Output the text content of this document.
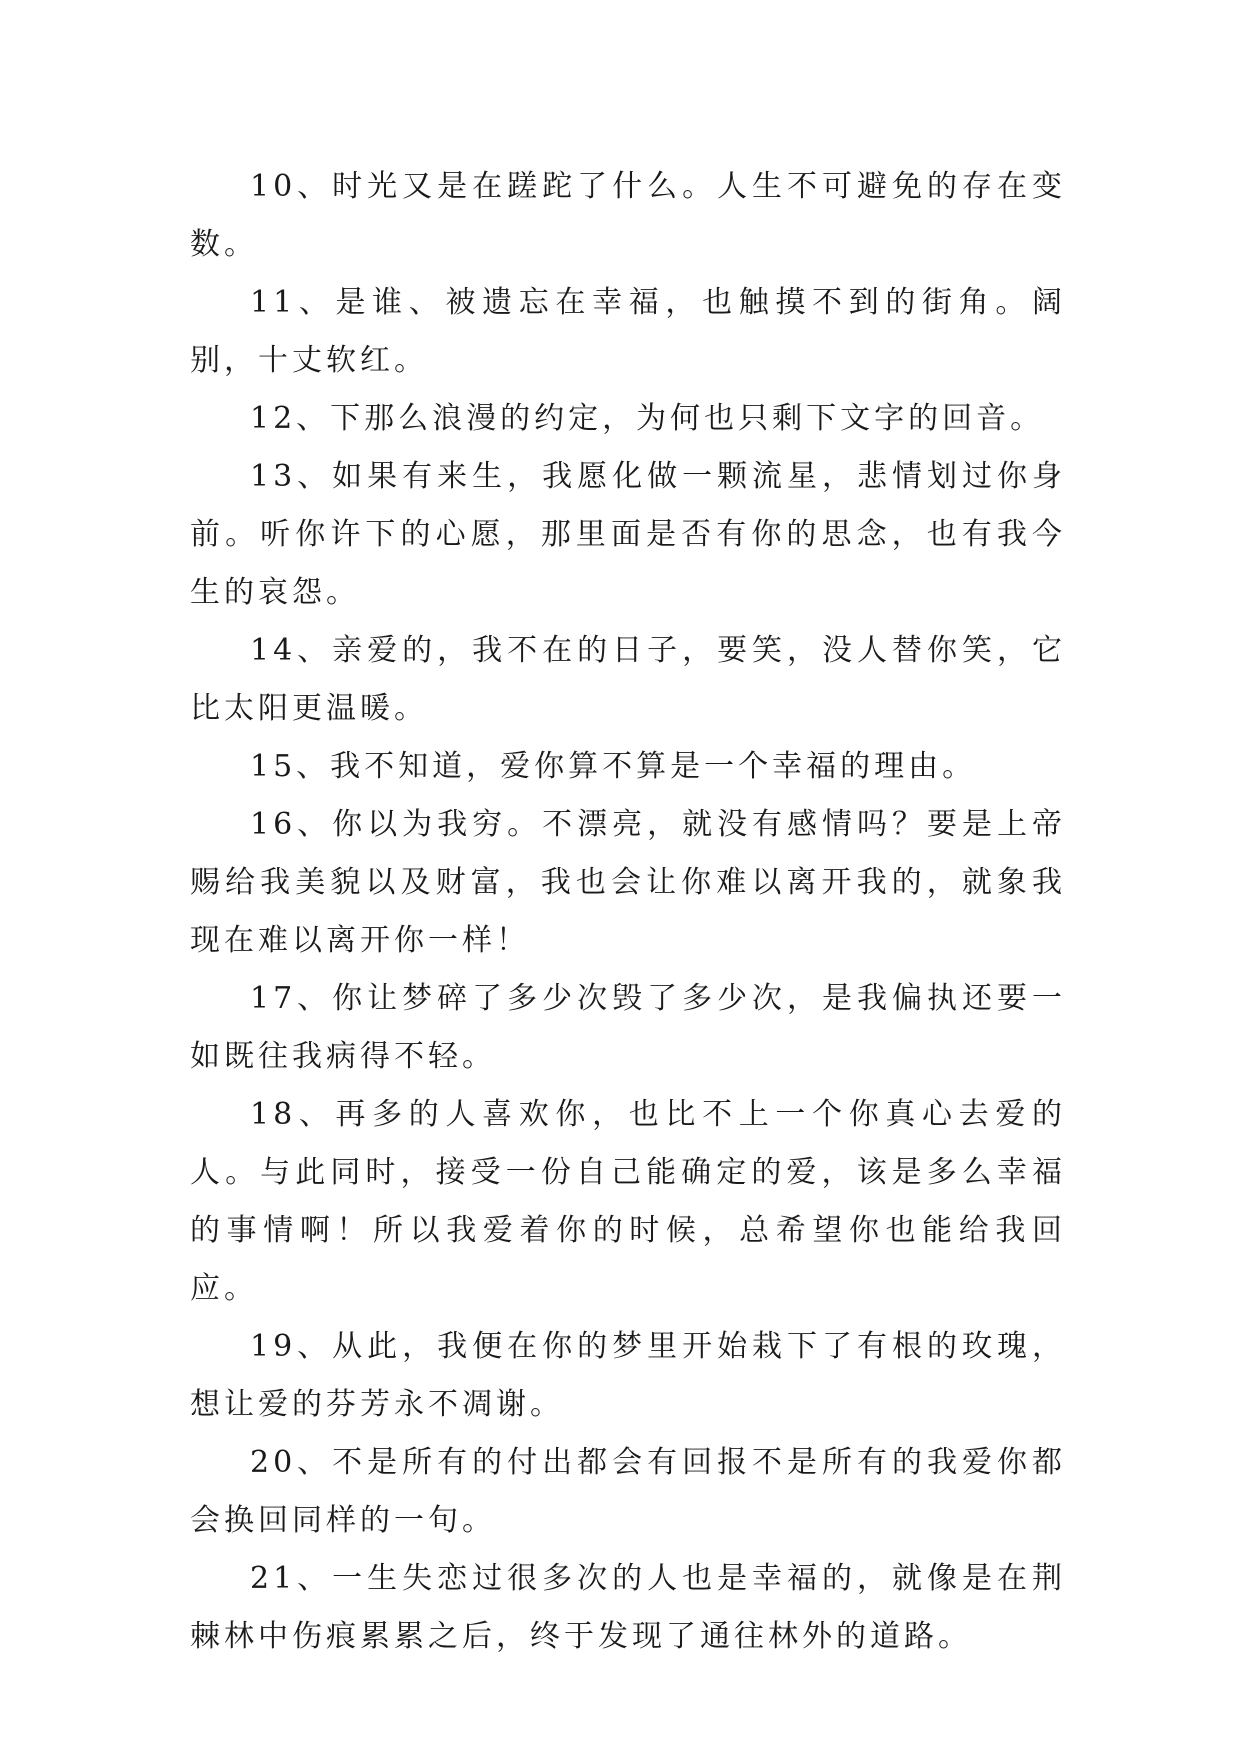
10、时光又是在蹉跎了什么。人生不可避免的存在变数。

11、是谁、被遗忘在幸福，也触摸不到的街角。阔别，十丈软红。

12、下那么浪漫的约定，为何也只剩下文字的回音。

13、如果有来生，我愿化做一颗流星，悲情划过你身前。听你许下的心愿，那里面是否有你的思念，也有我今生的哀怨。

14、亲爱的，我不在的日子，要笑，没人替你笑，它比太阳更温暖。

15、我不知道，爱你算不算是一个幸福的理由。

16、你以为我穷。不漂亮，就没有感情吗？要是上帝赐给我美貌以及财富，我也会让你难以离开我的，就象我现在难以离开你一样！

17、你让梦碎了多少次毁了多少次，是我偏执还要一如既往我病得不轻。

18、再多的人喜欢你，也比不上一个你真心去爱的人。与此同时，接受一份自己能确定的爱，该是多么幸福的事情啊！所以我爱着你的时候，总希望你也能给我回应。

19、从此，我便在你的梦里开始栽下了有根的玫瑰，想让爱的芬芳永不凋谢。

20、不是所有的付出都会有回报不是所有的我爱你都会换回同样的一句。

21、一生失恋过很多次的人也是幸福的，就像是在荆棘林中伤痕累累之后，终于发现了通往林外的道路。
